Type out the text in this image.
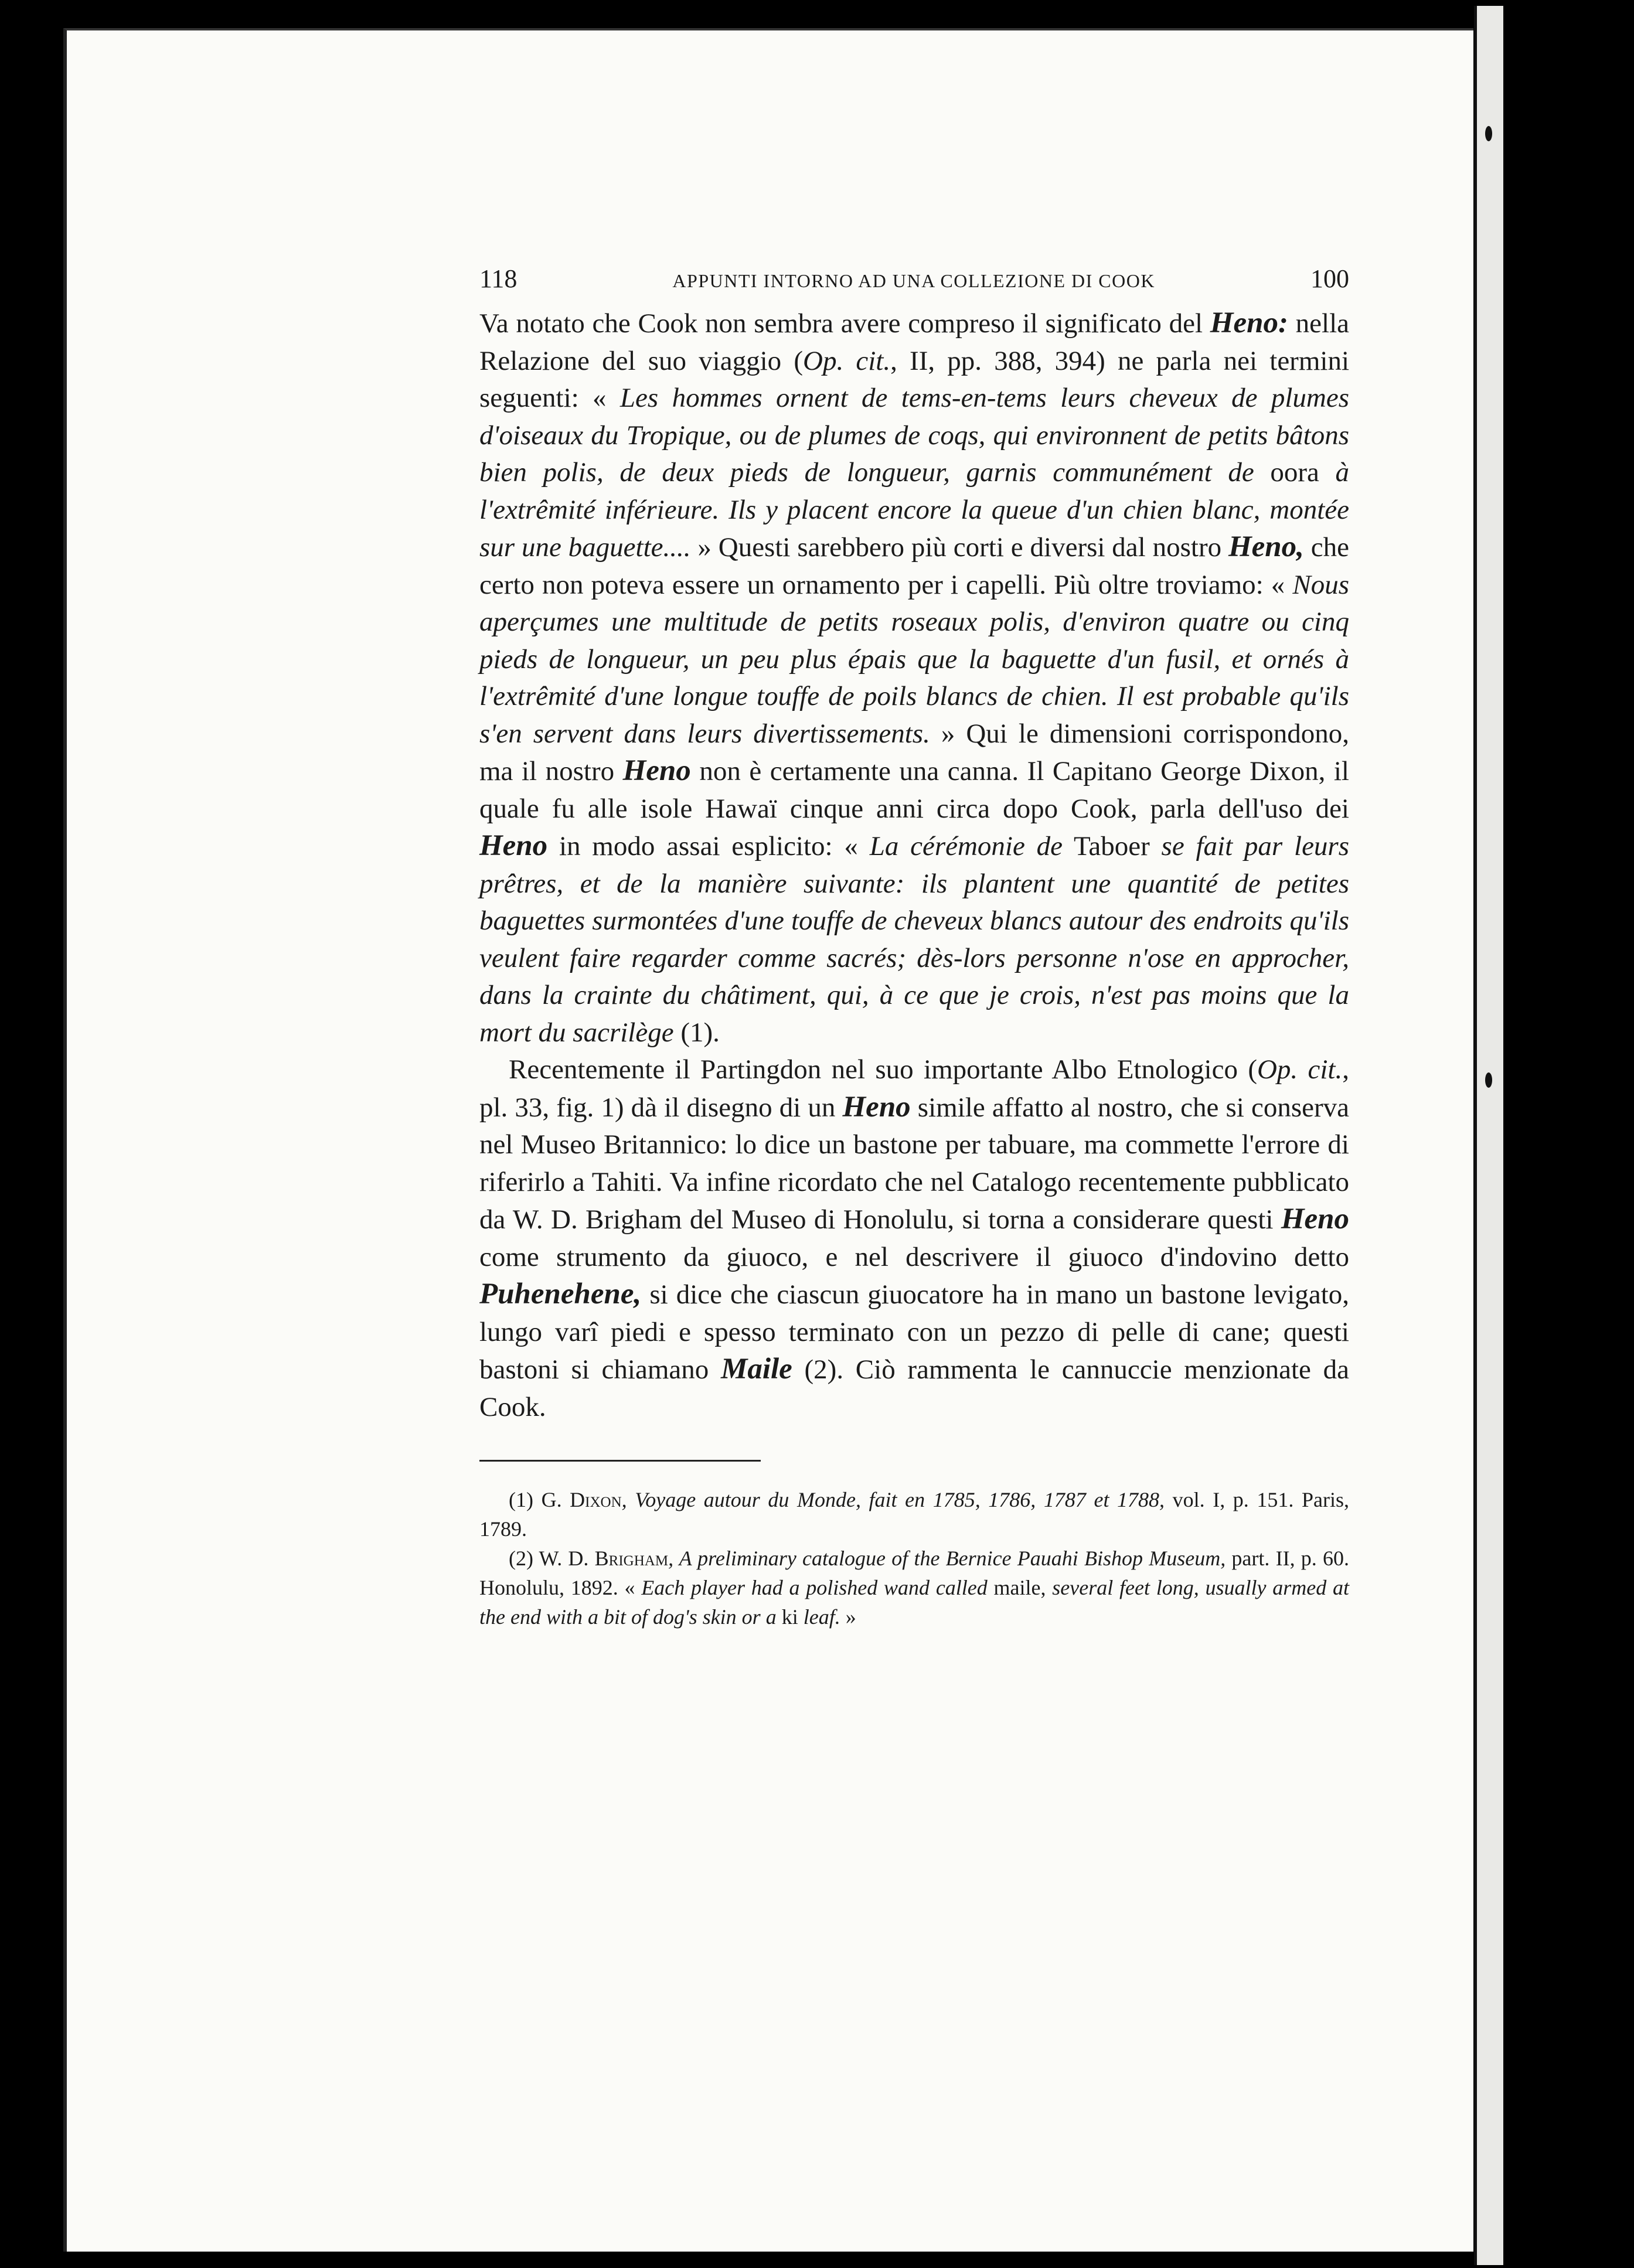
118	APPUNTI INTORNO AD UNA COLLEZIONE DI COOK	100

Va notato che Cook non sembra avere compreso il significato del Heno: nella Relazione del suo viaggio (Op. cit., II, pp. 388, 394) ne parla nei termini seguenti: « Les hommes ornent de tems-en-tems leurs cheveux de plumes d'oiseaux du Tropique, ou de plumes de coqs, qui environnent de petits bâtons bien polis, de deux pieds de longueur, garnis communément de oora à l'extrêmité inférieure. Ils y placent encore la queue d'un chien blanc, montée sur une baguette.... » Questi sarebbero più corti e diversi dal nostro Heno, che certo non poteva essere un ornamento per i capelli. Più oltre troviamo: « Nous aperçumes une multitude de petits roseaux polis, d'environ quatre ou cinq pieds de longueur, un peu plus épais que la baguette d'un fusil, et ornés à l'extrêmité d'une longue touffe de poils blancs de chien. Il est probable qu'ils s'en servent dans leurs divertissements. » Qui le dimensioni corrispondono, ma il nostro Heno non è certamente una canna. Il Capitano George Dixon, il quale fu alle isole Hawaï cinque anni circa dopo Cook, parla dell'uso dei Heno in modo assai esplicito: « La cérémonie de Taboer se fait par leurs prêtres, et de la manière suivante: ils plantent une quantité de petites baguettes surmontées d'une touffe de cheveux blancs autour des endroits qu'ils veulent faire regarder comme sacrés; dès-lors personne n'ose en approcher, dans la crainte du châtiment, qui, à ce que je crois, n'est pas moins que la mort du sacrilège (1).

Recentemente il Partingdon nel suo importante Albo Etnologico (Op. cit., pl. 33, fig. 1) dà il disegno di un Heno simile affatto al nostro, che si conserva nel Museo Britannico: lo dice un bastone per tabuare, ma commette l'errore di riferirlo a Tahiti. Va infine ricordato che nel Catalogo recentemente pubblicato da W. D. Brigham del Museo di Honolulu, si torna a considerare questi Heno come strumento da giuoco, e nel descrivere il giuoco d'indovino detto Puhenehene, si dice che ciascun giuocatore ha in mano un bastone levigato, lungo varî piedi e spesso terminato con un pezzo di pelle di cane; questi bastoni si chiamano Maile (2). Ciò rammenta le cannuccie menzionate da Cook.

(1) G. Dixon, Voyage autour du Monde, fait en 1785, 1786, 1787 et 1788, vol. I, p. 151. Paris, 1789.

(2) W. D. Brigham, A preliminary catalogue of the Bernice Pauahi Bishop Museum, part. II, p. 60. Honolulu, 1892. « Each player had a polished wand called maile, several feet long, usually armed at the end with a bit of dog's skin or a ki leaf. »
